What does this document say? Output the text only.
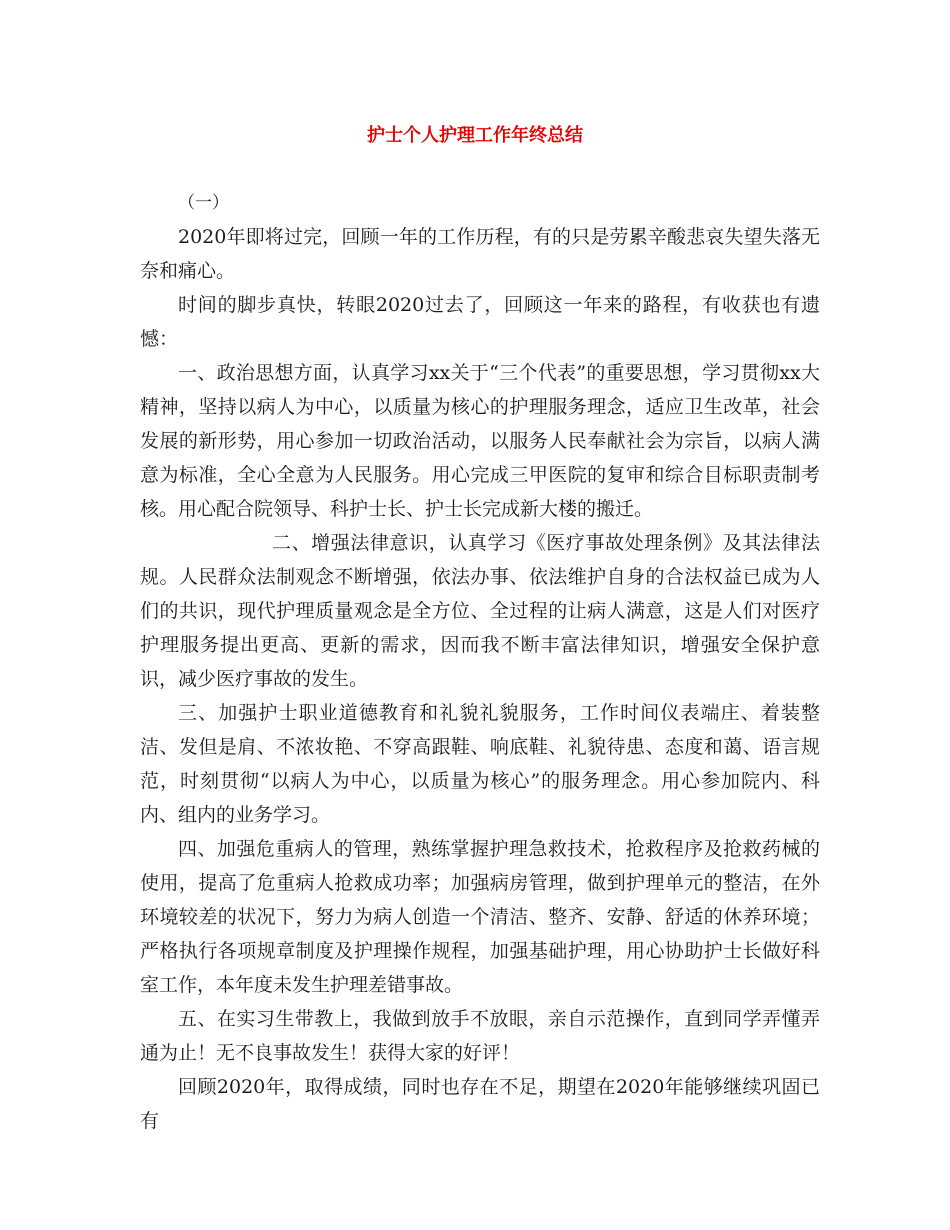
护士个人护理工作年终总结

（一）

2020年即将过完，回顾一年的工作历程，有的只是劳累辛酸悲哀失望失落无奈和痛心。

时间的脚步真快，转眼2020过去了，回顾这一年来的路程，有收获也有遗憾：

一、政治思想方面，认真学习xx关于“三个代表”的重要思想，学习贯彻xx大精神，坚持以病人为中心，以质量为核心的护理服务理念，适应卫生改革，社会发展的新形势，用心参加一切政治活动，以服务人民奉献社会为宗旨，以病人满意为标准，全心全意为人民服务。用心完成三甲医院的复审和综合目标职责制考核。用心配合院领导、科护士长、护士长完成新大楼的搬迁。

二、增强法律意识，认真学习《医疗事故处理条例》及其法律法规。人民群众法制观念不断增强，依法办事、依法维护自身的合法权益已成为人们的共识，现代护理质量观念是全方位、全过程的让病人满意，这是人们对医疗护理服务提出更高、更新的需求，因而我不断丰富法律知识，增强安全保护意识，减少医疗事故的发生。

三、加强护士职业道德教育和礼貌礼貌服务，工作时间仪表端庄、着装整洁、发但是肩、不浓妆艳、不穿高跟鞋、响底鞋、礼貌待患、态度和蔼、语言规范，时刻贯彻“以病人为中心，以质量为核心”的服务理念。用心参加院内、科内、组内的业务学习。

四、加强危重病人的管理，熟练掌握护理急救技术，抢救程序及抢救药械的使用，提高了危重病人抢救成功率；加强病房管理，做到护理单元的整洁，在外环境较差的状况下，努力为病人创造一个清洁、整齐、安静、舒适的休养环境；严格执行各项规章制度及护理操作规程，加强基础护理，用心协助护士长做好科室工作，本年度未发生护理差错事故。

五、在实习生带教上，我做到放手不放眼，亲自示范操作，直到同学弄懂弄通为止！无不良事故发生！获得大家的好评！

回顾2020年，取得成绩，同时也存在不足，期望在2020年能够继续巩固已有
